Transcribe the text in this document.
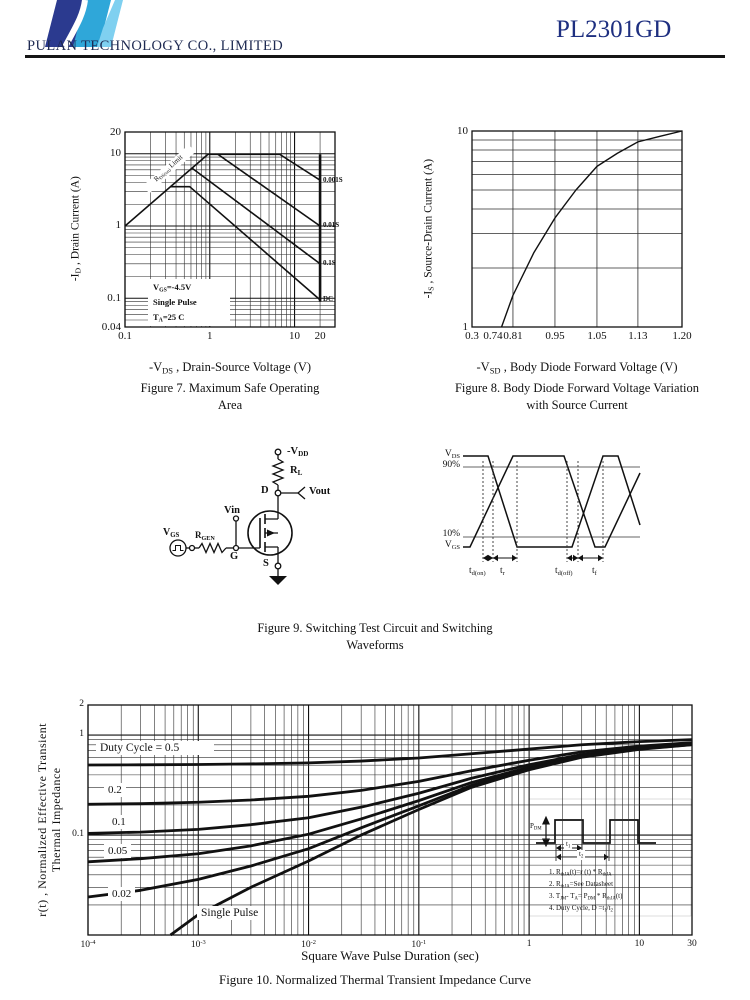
PULAN TECHNOLOGY CO., LIMITED
PL2301GD
$-I_D$ , Drain Current (A)
$-V_{DS}$ , Drain-Source Voltage (V)
Figure 7. Maximum Safe Operating
Area
$R_{DS(on)}$ Limit
$V_{GS}=-4.5V$
Single Pulse
$T_A=25$ C
$-I_S$ , Source-Drain Current (A)
$-V_{SD}$ , Body Diode Forward Voltage (V)
Figure 8. Body Diode Forward Voltage Variation
with Source Current
$-V_{DD}$
$R_L$
D	Vout
Vin
$V_{GS}$ $R_{GEN}$
G
S
$V_{DS}$
90%
10%
$V_{GS}$
$t_{d(on)}$ $t_r$	$t_{d(off)}$ $t_f$
Figure 9. Switching Test Circuit and Switching
Waveforms
r(t) , Normalized Effective Transient Thermal Impedance
Square Wave Pulse Duration (sec)
Figure 10. Normalized Thermal Transient Impedance Curve
$P_{DM}$
$t_1$
$t_2$
1. $R_{thJA}(t)=r$ $(t) * R_{thJA}$
2. $R_{thJA}=See$ Datasheet
3. $T_{JM}-$ $T_A= P_{DM} * R_{thJA}(t)$
4. Duty Cycle, $D =t_1/t_2$
0.001S
0.01S
0.1S
DC
0.1	1	10	20
20
10
1
0.1
0.04
0.3 0.74 0.81	0.95	1.05	1.13	1.20
10
1
Duty Cycle = 0.5
0.2
0.1
0.05
0.02
Single Pulse
$10^{-4}$	$10^{-3}$	$10^{-2}$	$10^{-1}$	1	10	30
2
1
0.1
